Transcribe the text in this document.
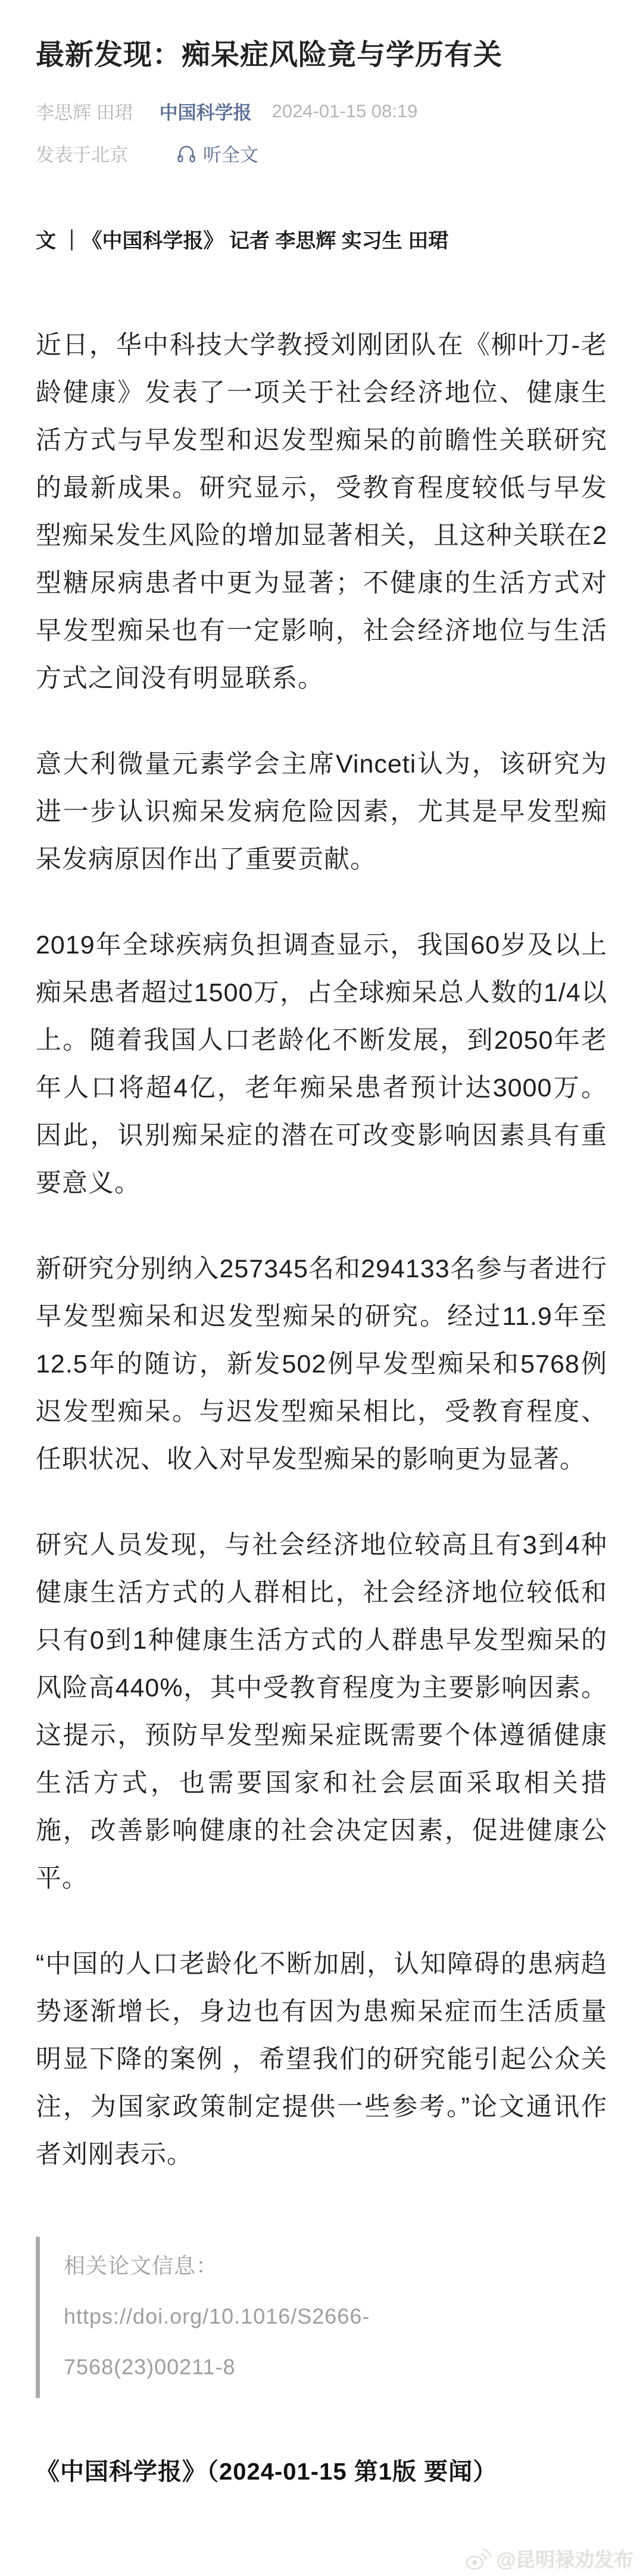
最新发现：痴呆症风险竟与学历有关
李思辉 田珺 中国科学报 2024-01-15 08:19
发表于北京	听全文
文 ｜《中国科学报》 记者 李思辉 实习生 田珺

近日，华中科技大学教授刘刚团队在《柳叶刀-老龄健康》发表了一项关于社会经济地位、健康生活方式与早发型和迟发型痴呆的前瞻性关联研究的最新成果。研究显示，受教育程度较低与早发型痴呆发生风险的增加显著相关，且这种关联在2型糖尿病患者中更为显著；不健康的生活方式对早发型痴呆也有一定影响，社会经济地位与生活方式之间没有明显联系。

意大利微量元素学会主席Vinceti认为，该研究为进一步认识痴呆发病危险因素，尤其是早发型痴呆发病原因作出了重要贡献。

2019年全球疾病负担调查显示，我国60岁及以上痴呆患者超过1500万，占全球痴呆总人数的1/4以上。随着我国人口老龄化不断发展，到2050年老年人口将超4亿，老年痴呆患者预计达3000万。因此，识别痴呆症的潜在可改变影响因素具有重要意义。

新研究分别纳入257345名和294133名参与者进行早发型痴呆和迟发型痴呆的研究。经过11.9年至12.5年的随访，新发502例早发型痴呆和5768例迟发型痴呆。与迟发型痴呆相比，受教育程度、任职状况、收入对早发型痴呆的影响更为显著。

研究人员发现，与社会经济地位较高且有3到4种健康生活方式的人群相比，社会经济地位较低和只有0到1种健康生活方式的人群患早发型痴呆的风险高440%，其中受教育程度为主要影响因素。这提示，预防早发型痴呆症既需要个体遵循健康生活方式，也需要国家和社会层面采取相关措施，改善影响健康的社会决定因素，促进健康公平。

“中国的人口老龄化不断加剧，认知障碍的患病趋势逐渐增长，身边也有因为患痴呆症而生活质量明显下降的案例 ，希望我们的研究能引起公众关注，为国家政策制定提供一些参考。”论文通讯作者刘刚表示。

相关论文信息：
https://doi.org/10.1016/S2666-
7568(23)00211-8
《中国科学报》（2024-01-15 第1版 要闻）
@昆明禄劝发布
